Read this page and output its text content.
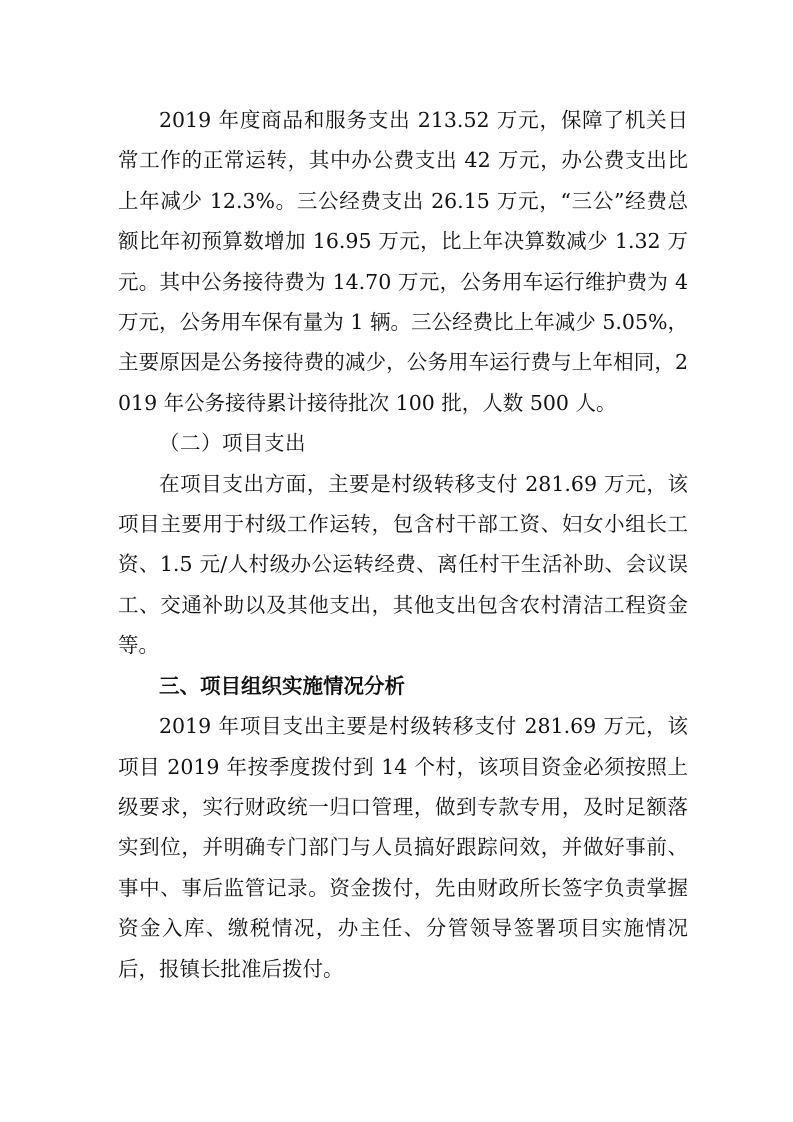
2019 年度商品和服务支出 213.52 万元，保障了机关日常工作的正常运转，其中办公费支出 42 万元，办公费支出比上年减少 12.3%。三公经费支出 26.15 万元，“三公”经费总额比年初预算数增加 16.95 万元，比上年决算数减少 1.32 万元。其中公务接待费为 14.70 万元，公务用车运行维护费为 4 万元，公务用车保有量为 1 辆。三公经费比上年减少 5.05%，主要原因是公务接待费的减少，公务用车运行费与上年相同，2019 年公务接待累计接待批次 100 批，人数 500 人。

（二）项目支出

在项目支出方面，主要是村级转移支付 281.69 万元，该项目主要用于村级工作运转，包含村干部工资、妇女小组长工资、1.5 元/人村级办公运转经费、离任村干生活补助、会议误工、交通补助以及其他支出，其他支出包含农村清洁工程资金等。

三、项目组织实施情况分析

2019 年项目支出主要是村级转移支付 281.69 万元，该项目 2019 年按季度拨付到 14 个村，该项目资金必须按照上级要求，实行财政统一归口管理，做到专款专用，及时足额落实到位，并明确专门部门与人员搞好跟踪问效，并做好事前、事中、事后监管记录。资金拨付，先由财政所长签字负责掌握资金入库、缴税情况，办主任、分管领导签署项目实施情况后，报镇长批准后拨付。
